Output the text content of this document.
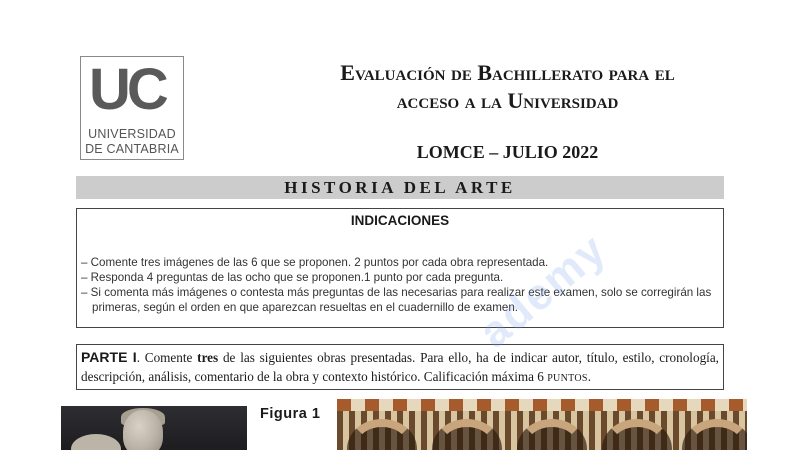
UC
UNIVERSIDAD
DE CANTABRIA
Evaluación de Bachillerato para el
acceso a la Universidad
LOMCE – JULIO 2022
HISTORIA DEL ARTE
INDICACIONES
– Comente tres imágenes de las 6 que se proponen. 2 puntos por cada obra representada.
– Responda 4 preguntas de las ocho que se proponen.1 punto por cada pregunta.
– Si comenta más imágenes o contesta más preguntas de las necesarias para realizar este examen, solo se corregirán las primeras, según el orden en que aparezcan resueltas en el cuadernillo de examen.
PARTE I. Comente tres de las siguientes obras presentadas. Para ello, ha de indicar autor, título, estilo, cronología, descripción, análisis, comentario de la obra y contexto histórico. Calificación máxima 6 PUNTOS.
Figura 1
ademy
